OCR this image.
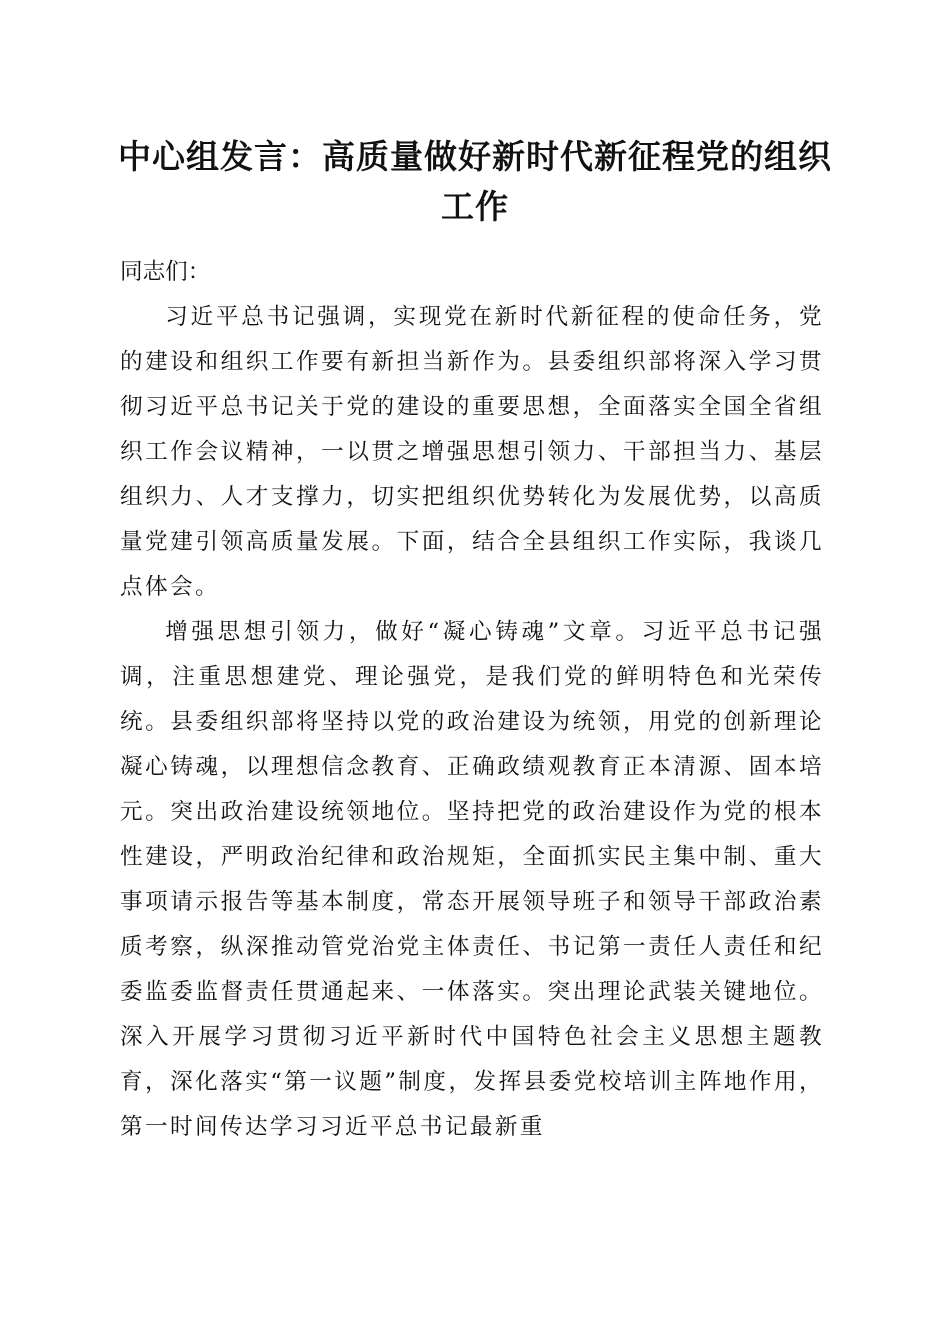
中心组发言：高质量做好新时代新征程党的组织工作

同志们：

习近平总书记强调，实现党在新时代新征程的使命任务，党的建设和组织工作要有新担当新作为。县委组织部将深入学习贯彻习近平总书记关于党的建设的重要思想，全面落实全国全省组织工作会议精神，一以贯之增强思想引领力、干部担当力、基层组织力、人才支撑力，切实把组织优势转化为发展优势，以高质量党建引领高质量发展。下面，结合全县组织工作实际，我谈几点体会。

增强思想引领力，做好“凝心铸魂”文章。习近平总书记强调，注重思想建党、理论强党，是我们党的鲜明特色和光荣传统。县委组织部将坚持以党的政治建设为统领，用党的创新理论凝心铸魂，以理想信念教育、正确政绩观教育正本清源、固本培元。突出政治建设统领地位。坚持把党的政治建设作为党的根本性建设，严明政治纪律和政治规矩，全面抓实民主集中制、重大事项请示报告等基本制度，常态开展领导班子和领导干部政治素质考察，纵深推动管党治党主体责任、书记第一责任人责任和纪委监委监督责任贯通起来、一体落实。突出理论武装关键地位。深入开展学习贯彻习近平新时代中国特色社会主义思想主题教育，深化落实“第一议题”制度，发挥县委党校培训主阵地作用，第一时间传达学习习近平总书记最新重
